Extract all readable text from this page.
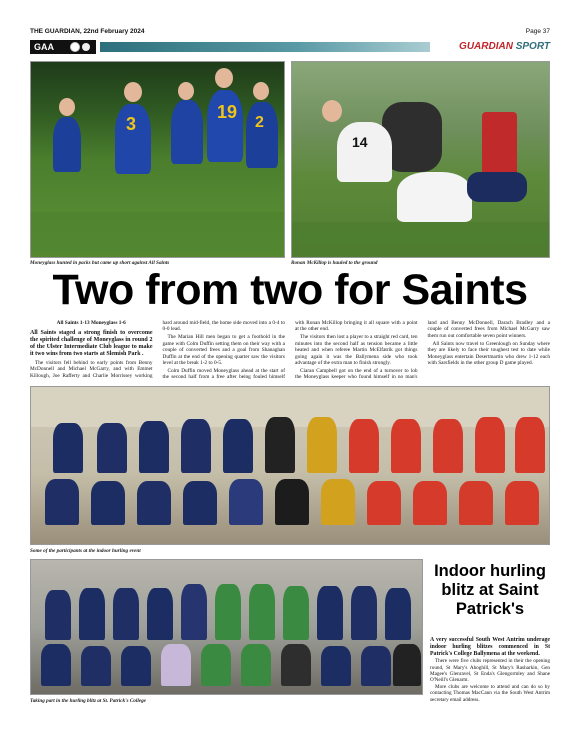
THE GUARDIAN, 22nd February 2024	Page 37
GAA	GUARDIAN SPORT
3
19
2
Moneyglass hunted in packs but came up short against All Saints
14
Ronan McKillop is hauled to the ground
Two from two for Saints

All Saints 1-13 Moneyglass 1-6

All Saints staged a strong finish to overcome the spirited challenge of Moneyglass in round 2 of the Ulster Intermediate Club league to make it two wins from two starts at Slemish Park .

The visitors fell behind to early points from Benny McDonnell and Michael McGarry, and with Emmet Killough, Joe Rafferty and Charlie Morrissey working hard around mid-field, the home side moved into a 0-4 to 0-0 lead.

The Marian Hill men began to get a foothold in the game with Colm Duffin setting them on their way with a couple of converted frees and a goal from Shanaghan Duffin at the end of the opening quarter saw the visitors level at the break 1-2 to 0-5.

Colm Duffin moved Moneyglass ahead at the start of the second half from a free after being fouled himself with Ronan McKillop bringing it all square with a point at the other end.

The visitors then lost a player to a straight red card, ten minutes into the second half as tension became a little heated and when referee Martin McElfatrik got things going again it was the Ballymena side who took advantage of the extra man to finish strongly.

Ciaran Campbell got on the end of a turnover to lob the Moneyglass keeper who found himself in no man's land and Benny McDonnell, Darach Bradley and a couple of converted frees from Michael McGarry saw them run out comfortable seven point winners.

All Saints now travel to Greenlough on Sunday where they are likely to face their toughest test to date while Moneyglass entertain Desertmartin who drew 1-12 each with Sarsfields in the other group D game played.

Some of the participants at the indoor hurling event
Taking part in the hurling blitz at St. Patrick's College
Indoor hurling blitz at Saint Patrick's

A very successful South West Antrim underage indoor hurling blitzes commenced in St Patrick's College Ballymena at the weekend.

There were five clubs represented in their the opening round, St Mary's Ahoghill, St Mary's Rasharkin, Gen Magee's Glenravel, St Enda's Glengormley and Shane O'Neill's Glenarm.

More clubs are welcome to attend and can do so by contacting Thomas MacCann via the South West Antrim secretary email address.
